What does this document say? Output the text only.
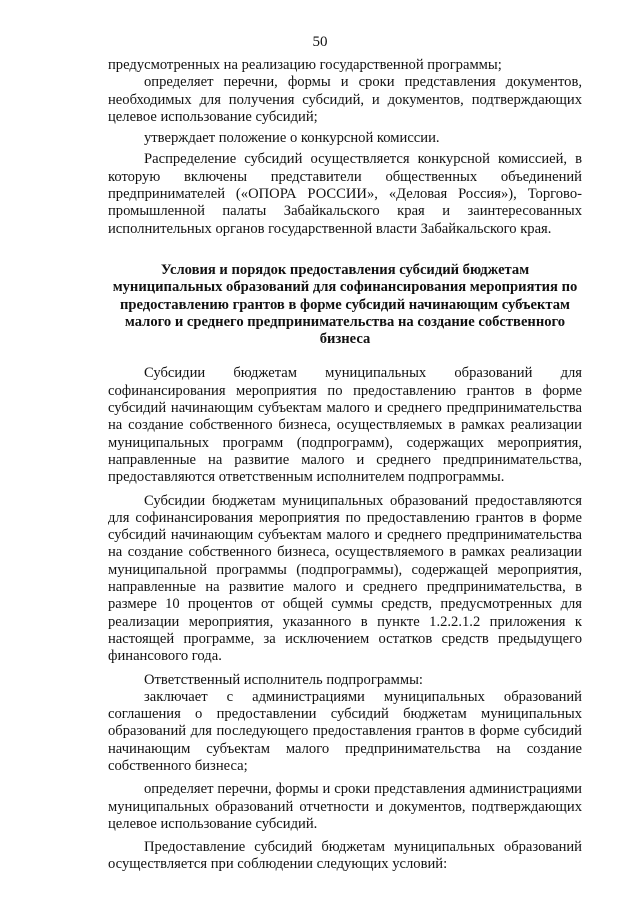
50

предусмотренных на реализацию государственной программы;

определяет перечни, формы и сроки представления документов, необходимых для получения субсидий, и документов, подтверждающих целевое использование субсидий;

утверждает положение о конкурсной комиссии.

Распределение субсидий осуществляется конкурсной комиссией, в которую включены представители общественных объединений предпринимателей («ОПОРА РОССИИ», «Деловая Россия»), Торгово-промышленной палаты Забайкальского края и заинтересованных исполнительных органов государственной власти Забайкальского края.

Условия и порядок предоставления субсидий бюджетам муниципальных образований для софинансирования мероприятия по предоставлению грантов в форме субсидий начинающим субъектам малого и среднего предпринимательства на создание собственного бизнеса

Субсидии бюджетам муниципальных образований для софинансирования мероприятия по предоставлению грантов в форме субсидий начинающим субъектам малого и среднего предпринимательства на создание собственного бизнеса, осуществляемых в рамках реализации муниципальных программ (подпрограмм), содержащих мероприятия, направленные на развитие малого и среднего предпринимательства, предоставляются ответственным исполнителем подпрограммы.

Субсидии бюджетам муниципальных образований предоставляются для софинансирования мероприятия по предоставлению грантов в форме субсидий начинающим субъектам малого и среднего предпринимательства на создание собственного бизнеса, осуществляемого в рамках реализации муниципальной программы (подпрограммы), содержащей мероприятия, направленные на развитие малого и среднего предпринимательства, в размере 10 процентов от общей суммы средств, предусмотренных для реализации мероприятия, указанного в пункте 1.2.2.1.2 приложения к настоящей программе, за исключением остатков средств предыдущего финансового года.

Ответственный исполнитель подпрограммы:

заключает с администрациями муниципальных образований соглашения о предоставлении субсидий бюджетам муниципальных образований для последующего предоставления грантов в форме субсидий начинающим субъектам малого предпринимательства на создание собственного бизнеса;

определяет перечни, формы и сроки представления администрациями муниципальных образований отчетности и документов, подтверждающих целевое использование субсидий.

Предоставление субсидий бюджетам муниципальных образований осуществляется при соблюдении следующих условий:
